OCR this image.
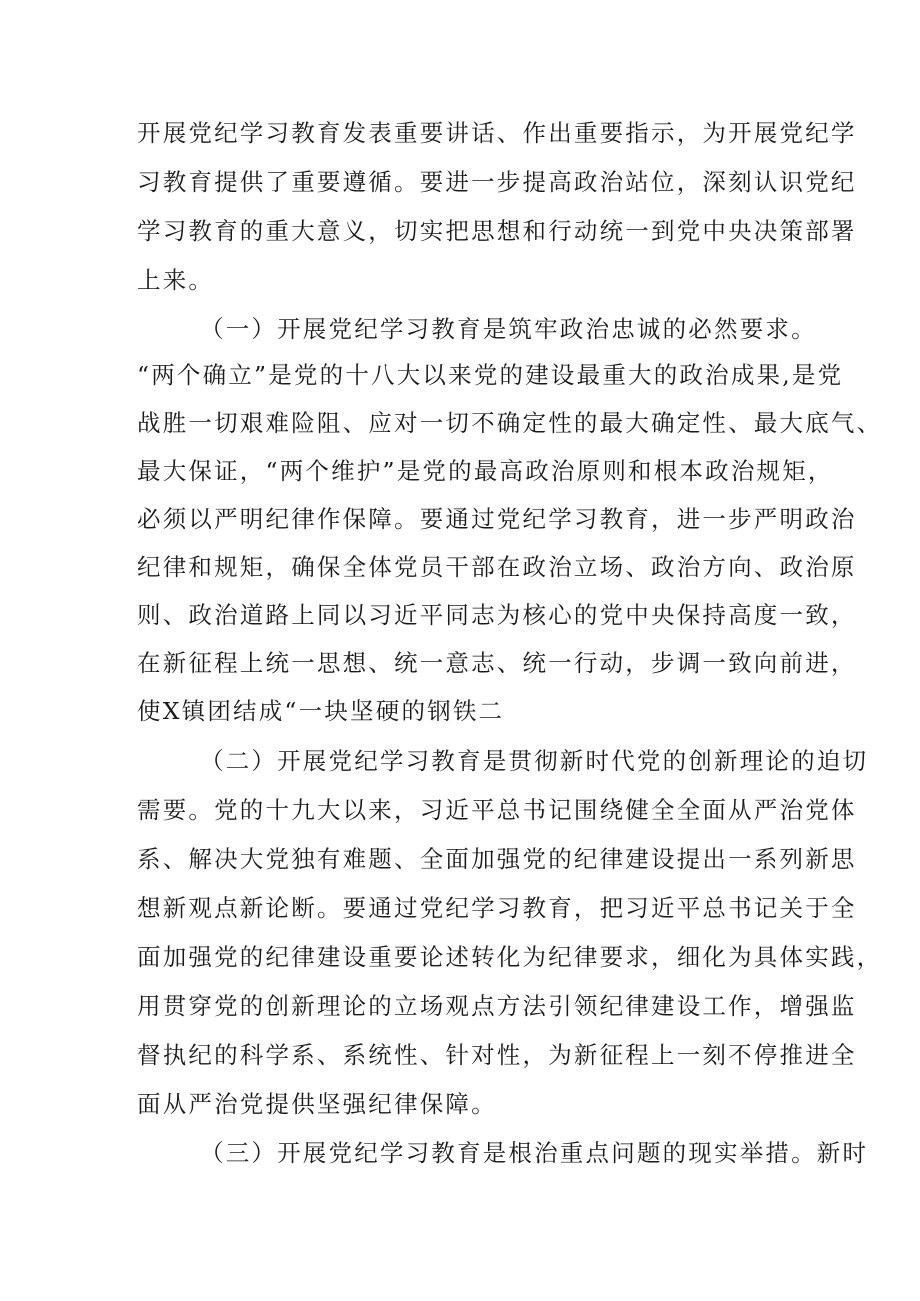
开展党纪学习教育发表重要讲话、作出重要指示，为开展党纪学
习教育提供了重要遵循。要进一步提高政治站位，深刻认识党纪
学习教育的重大意义，切实把思想和行动统一到党中央决策部署
上来。
（一）开展党纪学习教育是筑牢政治忠诚的必然要求。
“两个确立”是党的十八大以来党的建设最重大的政治成果,是党
战胜一切艰难险阻、应对一切不确定性的最大确定性、最大底气、
最大保证，“两个维护”是党的最高政治原则和根本政治规矩，
必须以严明纪律作保障。要通过党纪学习教育，进一步严明政治
纪律和规矩，确保全体党员干部在政治立场、政治方向、政治原
则、政治道路上同以习近平同志为核心的党中央保持高度一致，
在新征程上统一思想、统一意志、统一行动，步调一致向前进，
使X镇团结成“一块坚硬的钢铁二
（二）开展党纪学习教育是贯彻新时代党的创新理论的迫切
需要。党的十九大以来，习近平总书记围绕健全全面从严治党体
系、解决大党独有难题、全面加强党的纪律建设提出一系列新思
想新观点新论断。要通过党纪学习教育，把习近平总书记关于全
面加强党的纪律建设重要论述转化为纪律要求，细化为具体实践，
用贯穿党的创新理论的立场观点方法引领纪律建设工作，增强监
督执纪的科学系、系统性、针对性，为新征程上一刻不停推进全
面从严治党提供坚强纪律保障。
（三）开展党纪学习教育是根治重点问题的现实举措。新时
